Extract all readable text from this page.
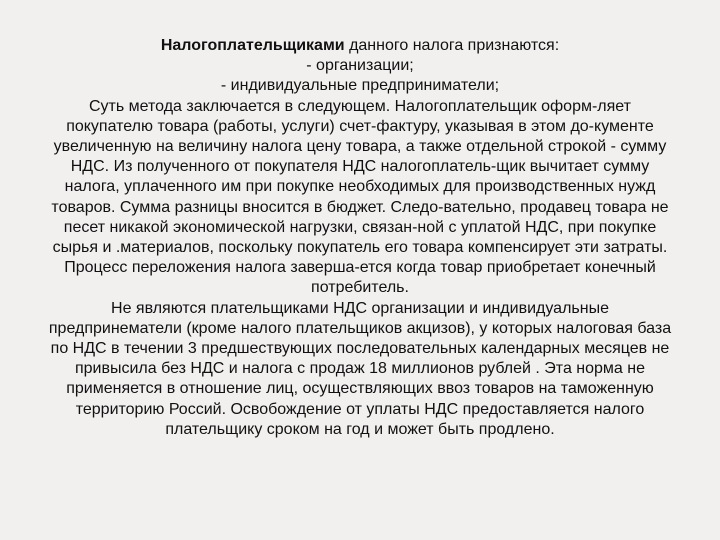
Налогоплательщиками данного налога признаются:
- организации;
- индивидуальные предприниматели;
Суть метода заключается в следующем. Налогоплательщик оформ-ляет
покупателю товара (работы, услуги) счет-фактуру, указывая в этом до-кументе
увеличенную на величину налога цену товара, а также отдельной строкой - сумму
НДС. Из полученного от покупателя НДС налогоплатель-щик вычитает сумму
налога, уплаченного им при покупке необходимых для производственных нужд
товаров. Сумма разницы вносится в бюджет. Следо-вательно, продавец товара не
песет никакой экономической нагрузки, связан-ной с уплатой НДС, при покупке
сырья и .материалов, поскольку покупатель его товара компенсирует эти затраты.
Процесс переложения налога заверша-ется когда товар приобретает конечный
потребитель.
Не являются плательщиками НДС организации и индивидуальные
предпринематели (кроме налого плательщиков акцизов), у которых налоговая база
по НДС в течении 3 предшествующих последовательных календарных месяцев не
привысила без НДС и налога с продаж 18 миллионов рублей . Эта норма не
применяется в отношение лиц, осуществляющих ввоз товаров на таможенную
территорию Россий. Освобождение от уплаты НДС предоставляется налого
плательщику сроком на год и может быть продлено.
